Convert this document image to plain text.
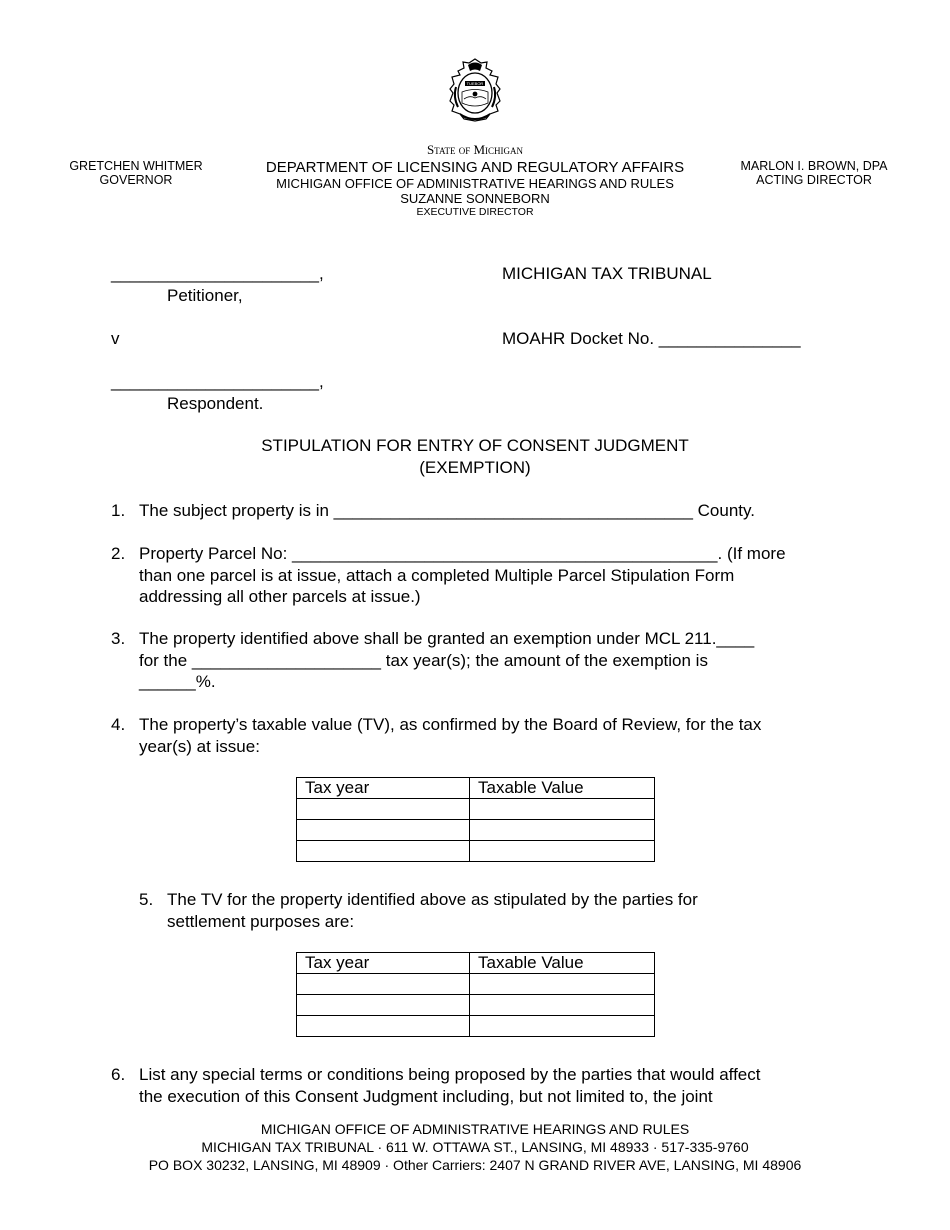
TUEBOR
GRETCHEN WHITMER
GOVERNOR
MARLON I. BROWN, DPA
ACTING DIRECTOR
State of Michigan
DEPARTMENT OF LICENSING AND REGULATORY AFFAIRS
MICHIGAN OFFICE OF ADMINISTRATIVE HEARINGS AND RULES
SUZANNE SONNEBORN
EXECUTIVE DIRECTOR
______________________,
Petitioner,
v
______________________,
Respondent.
MICHIGAN TAX TRIBUNAL
MOAHR Docket No. _______________
STIPULATION FOR ENTRY OF CONSENT JUDGMENT
(EXEMPTION)
1. The subject property is in ______________________________________ County.
2. Property Parcel No: _____________________________________________. (If more
than one parcel is at issue, attach a completed Multiple Parcel Stipulation Form
addressing all other parcels at issue.)
3. The property identified above shall be granted an exemption under MCL 211.____
for the ____________________ tax year(s); the amount of the exemption is
______%.
4. The property’s taxable value (TV), as confirmed by the Board of Review, for the tax
year(s) at issue:
Tax year	Taxable Value

5. The TV for the property identified above as stipulated by the parties for
settlement purposes are:
Tax year	Taxable Value

6. List any special terms or conditions being proposed by the parties that would affect
the execution of this Consent Judgment including, but not limited to, the joint
MICHIGAN OFFICE OF ADMINISTRATIVE HEARINGS AND RULES
MICHIGAN TAX TRIBUNAL · 611 W. OTTAWA ST., LANSING, MI 48933 · 517-335-9760
PO BOX 30232, LANSING, MI 48909 · Other Carriers: 2407 N GRAND RIVER AVE, LANSING, MI 48906
